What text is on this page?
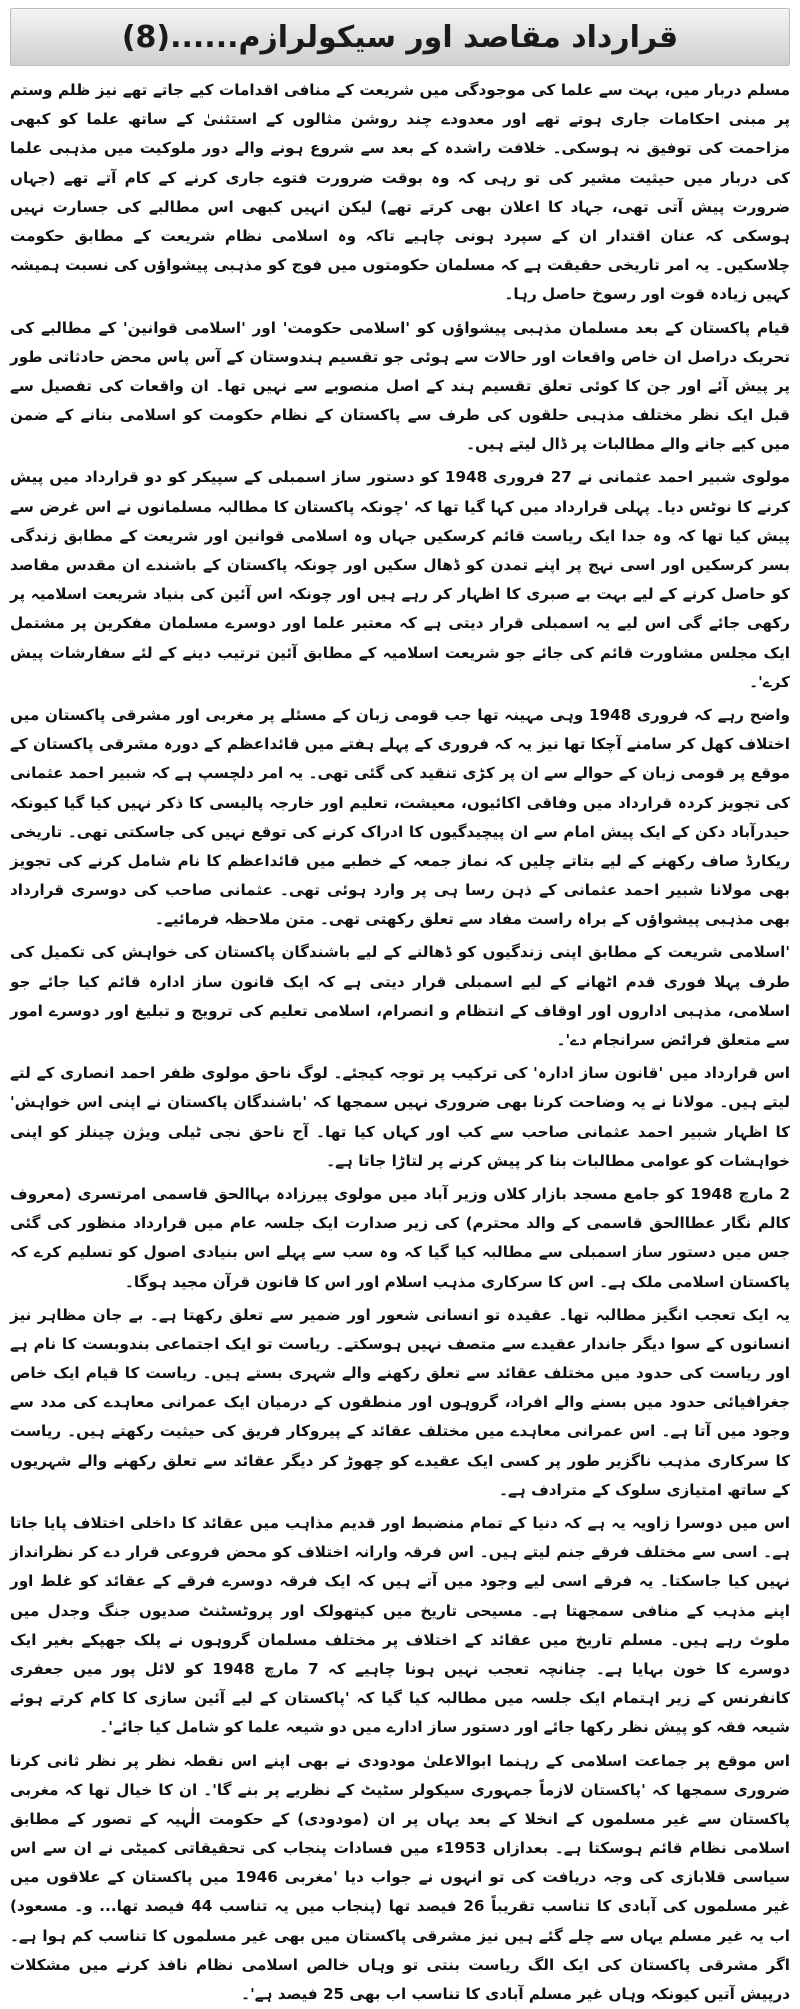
قرارداد مقاصد اور سیکولرازم......(8)

مسلم دربار میں، بہت سے علما کی موجودگی میں شریعت کے منافی اقدامات کیے جاتے تھے نیز ظلم وستم پر مبنی احکامات جاری ہوتے تھے اور معدودے چند روشن مثالوں کے استثنیٰ کے ساتھ علما کو کبھی مزاحمت کی توفیق نہ ہوسکی۔ خلافت راشدہ کے بعد سے شروع ہونے والے دور ملوکیت میں مذہبی علما کی دربار میں حیثیت مشیر کی تو رہی کہ وہ بوقت ضرورت فتوے جاری کرنے کے کام آتے تھے (جہاں ضرورت پیش آتی تھی، جہاد کا اعلان بھی کرتے تھے) لیکن انہیں کبھی اس مطالبے کی جسارت نہیں ہوسکی کہ عنان اقتدار ان کے سپرد ہونی چاہیے تاکہ وہ اسلامی نظام شریعت کے مطابق حکومت چلاسکیں۔ یہ امر تاریخی حقیقت ہے کہ مسلمان حکومتوں میں فوج کو مذہبی پیشواؤں کی نسبت ہمیشہ کہیں زیادہ قوت اور رسوخ حاصل رہا۔

قیام پاکستان کے بعد مسلمان مذہبی پیشواؤں کو 'اسلامی حکومت' اور 'اسلامی قوانین' کے مطالبے کی تحریک دراصل ان خاص واقعات اور حالات سے ہوئی جو تقسیم ہندوستان کے آس پاس محض حادثاتی طور پر پیش آئے اور جن کا کوئی تعلق تقسیم ہند کے اصل منصوبے سے نہیں تھا۔ ان واقعات کی تفصیل سے قبل ایک نظر مختلف مذہبی حلقوں کی طرف سے پاکستان کے نظام حکومت کو اسلامی بنانے کے ضمن میں کیے جانے والے مطالبات پر ڈال لیتے ہیں۔

مولوی شبیر احمد عثمانی نے 27 فروری 1948 کو دستور ساز اسمبلی کے سپیکر کو دو قرارداد میں پیش کرنے کا نوٹس دیا۔ پہلی قرارداد میں کہا گیا تھا کہ 'چونکہ پاکستان کا مطالبہ مسلمانوں نے اس غرض سے پیش کیا تھا کہ وہ جدا ایک ریاست قائم کرسکیں جہاں وہ اسلامی قوانین اور شریعت کے مطابق زندگی بسر کرسکیں اور اسی نہج پر اپنے تمدن کو ڈھال سکیں اور چونکہ پاکستان کے باشندے ان مقدس مقاصد کو حاصل کرنے کے لیے بہت بے صبری کا اظہار کر رہے ہیں اور چونکہ اس آئین کی بنیاد شریعت اسلامیہ پر رکھی جائے گی اس لیے یہ اسمبلی قرار دیتی ہے کہ معتبر علما اور دوسرے مسلمان مفکرین پر مشتمل ایک مجلس مشاورت قائم کی جائے جو شریعت اسلامیہ کے مطابق آئین ترتیب دینے کے لئے سفارشات پیش کرے'۔

واضح رہے کہ فروری 1948 وہی مہینہ تھا جب قومی زبان کے مسئلے پر مغربی اور مشرقی پاکستان میں اختلاف کھل کر سامنے آچکا تھا نیز یہ کہ فروری کے پہلے ہفتے میں قائداعظم کے دورہ مشرقی پاکستان کے موقع پر قومی زبان کے حوالے سے ان پر کڑی تنقید کی گئی تھی۔ یہ امر دلچسپ ہے کہ شبیر احمد عثمانی کی تجویز کردہ قرارداد میں وفاقی اکائیوں، معیشت، تعلیم اور خارجہ پالیسی کا ذکر نہیں کیا گیا کیونکہ حیدرآباد دکن کے ایک پیش امام سے ان پیچیدگیوں کا ادراک کرنے کی توقع نہیں کی جاسکتی تھی۔ تاریخی ریکارڈ صاف رکھنے کے لیے بتاتے چلیں کہ نماز جمعہ کے خطبے میں قائداعظم کا نام شامل کرنے کی تجویز بھی مولانا شبیر احمد عثمانی کے ذہن رسا ہی پر وارد ہوئی تھی۔ عثمانی صاحب کی دوسری قرارداد بھی مذہبی پیشواؤں کے براہ راست مفاد سے تعلق رکھتی تھی۔ متن ملاحظہ فرمائیے۔

'اسلامی شریعت کے مطابق اپنی زندگیوں کو ڈھالنے کے لیے باشندگان پاکستان کی خواہش کی تکمیل کی طرف پہلا فوری قدم اٹھانے کے لیے اسمبلی قرار دیتی ہے کہ ایک قانون ساز ادارہ قائم کیا جائے جو اسلامی، مذہبی اداروں اور اوقاف کے انتظام و انصرام، اسلامی تعلیم کی ترویج و تبلیغ اور دوسرے امور سے متعلق فرائض سرانجام دے'۔

اس قرارداد میں 'قانون ساز ادارہ' کی ترکیب پر توجہ کیجئے۔ لوگ ناحق مولوی ظفر احمد انصاری کے لتے لیتے ہیں۔ مولانا نے یہ وضاحت کرنا بھی ضروری نہیں سمجھا کہ 'باشندگان پاکستان نے اپنی اس خواہش' کا اظہار شبیر احمد عثمانی صاحب سے کب اور کہاں کیا تھا۔ آج ناحق نجی ٹیلی ویژن چینلز کو اپنی خواہشات کو عوامی مطالبات بنا کر پیش کرنے پر لتاڑا جاتا ہے۔

2 مارچ 1948 کو جامع مسجد بازار کلاں وزیر آباد میں مولوی پیرزادہ بہاالحق قاسمی امرتسری (معروف کالم نگار عطاالحق قاسمی کے والد محترم) کی زیر صدارت ایک جلسہ عام میں قرارداد منظور کی گئی جس میں دستور ساز اسمبلی سے مطالبہ کیا گیا کہ وہ سب سے پہلے اس بنیادی اصول کو تسلیم کرے کہ پاکستان اسلامی ملک ہے۔ اس کا سرکاری مذہب اسلام اور اس کا قانون قرآن مجید ہوگا۔

یہ ایک تعجب انگیز مطالبہ تھا۔ عقیدہ تو انسانی شعور اور ضمیر سے تعلق رکھتا ہے۔ بے جان مظاہر نیز انسانوں کے سوا دیگر جاندار عقیدے سے متصف نہیں ہوسکتے۔ ریاست تو ایک اجتماعی بندوبست کا نام ہے اور ریاست کی حدود میں مختلف عقائد سے تعلق رکھنے والے شہری بستے ہیں۔ ریاست کا قیام ایک خاص جغرافیائی حدود میں بسنے والے افراد، گروہوں اور منطقوں کے درمیان ایک عمرانی معاہدے کی مدد سے وجود میں آتا ہے۔ اس عمرانی معاہدے میں مختلف عقائد کے پیروکار فریق کی حیثیت رکھتے ہیں۔ ریاست کا سرکاری مذہب ناگزیر طور پر کسی ایک عقیدے کو چھوڑ کر دیگر عقائد سے تعلق رکھنے والے شہریوں کے ساتھ امتیازی سلوک کے مترادف ہے۔

اس میں دوسرا زاویہ یہ ہے کہ دنیا کے تمام منضبط اور قدیم مذاہب میں عقائد کا داخلی اختلاف پایا جاتا ہے۔ اسی سے مختلف فرقے جنم لیتے ہیں۔ اس فرقہ وارانہ اختلاف کو محض فروعی قرار دے کر نظرانداز نہیں کیا جاسکتا۔ یہ فرقے اسی لیے وجود میں آتے ہیں کہ ایک فرقہ دوسرے فرقے کے عقائد کو غلط اور اپنے مذہب کے منافی سمجھتا ہے۔ مسیحی تاریخ میں کیتھولک اور پروٹسٹنٹ صدیوں جنگ وجدل میں ملوث رہے ہیں۔ مسلم تاریخ میں عقائد کے اختلاف پر مختلف مسلمان گروہوں نے پلک جھپکے بغیر ایک دوسرے کا خون بہایا ہے۔ چنانچہ تعجب نہیں ہونا چاہیے کہ 7 مارچ 1948 کو لائل پور میں جعفری کانفرنس کے زیر اہتمام ایک جلسہ میں مطالبہ کیا گیا کہ 'پاکستان کے لیے آئین سازی کا کام کرتے ہوئے شیعہ فقہ کو پیش نظر رکھا جائے اور دستور ساز ادارے میں دو شیعہ علما کو شامل کیا جائے'۔

اس موقع پر جماعت اسلامی کے رہنما ابوالاعلیٰ مودودی نے بھی اپنے اس نقطہ نظر پر نظر ثانی کرنا ضروری سمجھا کہ 'پاکستان لازماً جمہوری سیکولر سٹیٹ کے نظریے پر بنے گا'۔ ان کا خیال تھا کہ مغربی پاکستان سے غیر مسلموں کے انخلا کے بعد یہاں پر ان (مودودی) کے حکومت الٰہیہ کے تصور کے مطابق اسلامی نظام قائم ہوسکتا ہے۔ بعدازاں 1953ء میں فسادات پنجاب کی تحقیقاتی کمیٹی نے ان سے اس سیاسی قلابازی کی وجہ دریافت کی تو انہوں نے جواب دیا 'مغربی 1946 میں پاکستان کے علاقوں میں غیر مسلموں کی آبادی کا تناسب تقریباً 26 فیصد تھا (پنجاب میں یہ تناسب 44 فیصد تھا... و۔ مسعود) اب یہ غیر مسلم یہاں سے چلے گئے ہیں نیز مشرقی پاکستان میں بھی غیر مسلموں کا تناسب کم ہوا ہے۔ اگر مشرقی پاکستان کی ایک الگ ریاست بنتی تو وہاں خالص اسلامی نظام نافذ کرنے میں مشکلات درپیش آتیں کیونکہ وہاں غیر مسلم آبادی کا تناسب اب بھی 25 فیصد ہے'۔
